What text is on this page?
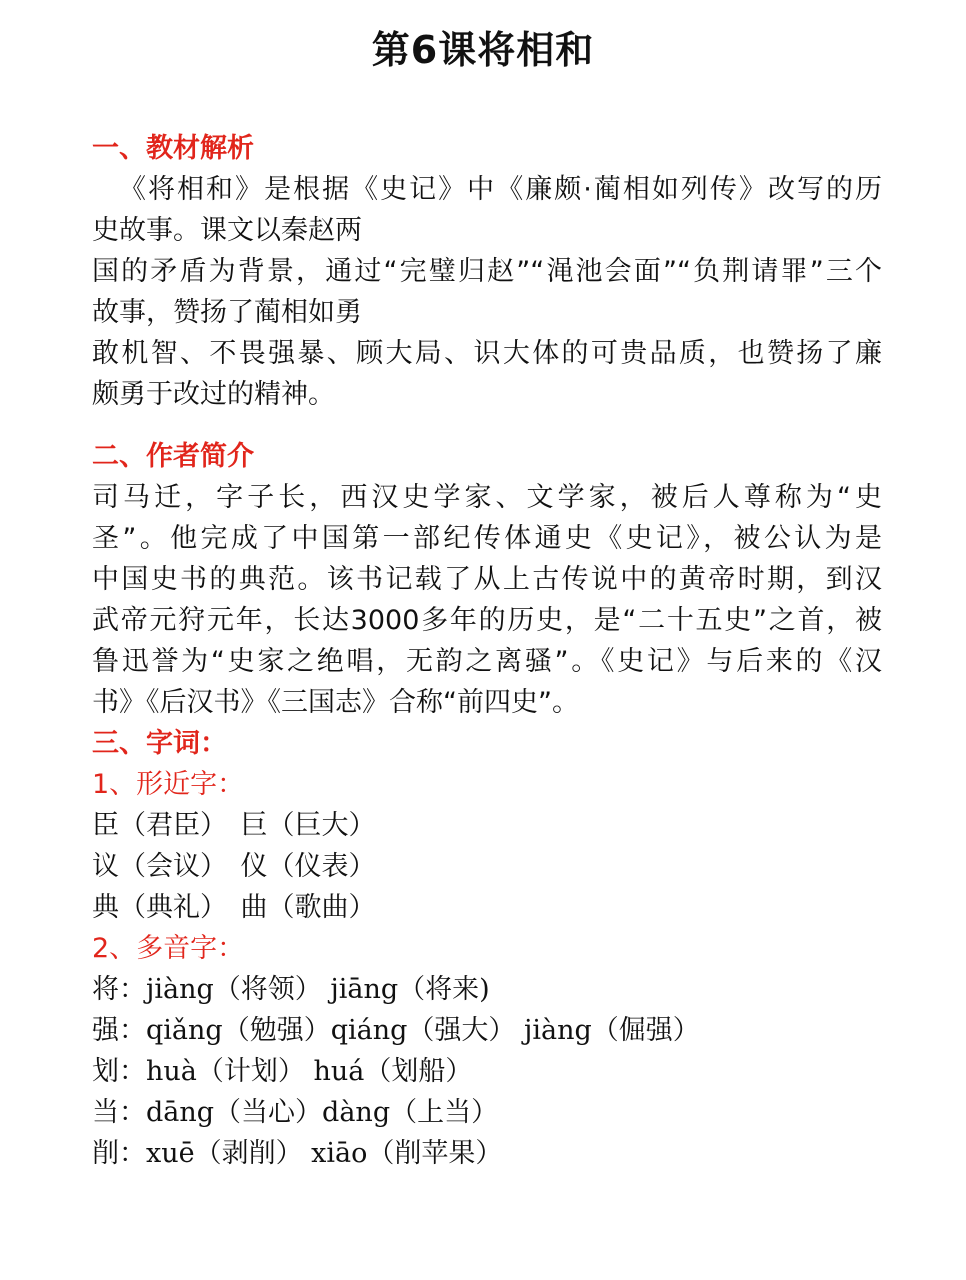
第6课将相和
一、教材解析
《将相和》是根据《史记》中《廉颇·蔺相如列传》改写的历
史故事。课文以秦赵两
国的矛盾为背景，通过“完璧归赵”“渑池会面”“负荆请罪”三个
故事，赞扬了蔺相如勇
敢机智、不畏强暴、顾大局、识大体的可贵品质，也赞扬了廉
颇勇于改过的精神。
二、作者简介
司马迁，字子长，西汉史学家、文学家，被后人尊称为“史
圣”。他完成了中国第一部纪传体通史《史记》，被公认为是
中国史书的典范。该书记载了从上古传说中的黄帝时期，到汉
武帝元狩元年，长达3000多年的历史，是“二十五史”之首，被
鲁迅誉为“史家之绝唱，无韵之离骚”。《史记》与后来的《汉
书》《后汉书》《三国志》合称“前四史”。
三、字词：
1、形近字：
臣（君臣）　巨（巨大）
议（会议）　仪（仪表）
典（典礼）　曲（歌曲）
2、多音字：
将：jiàng（将领） jiāng（将来)
强：qiǎng（勉强）qiáng（强大） jiàng（倔强）
划：huà（计划） huá（划船）
当：dāng（当心）dàng（上当）
削：xuē（剥削） xiāo（削苹果）
